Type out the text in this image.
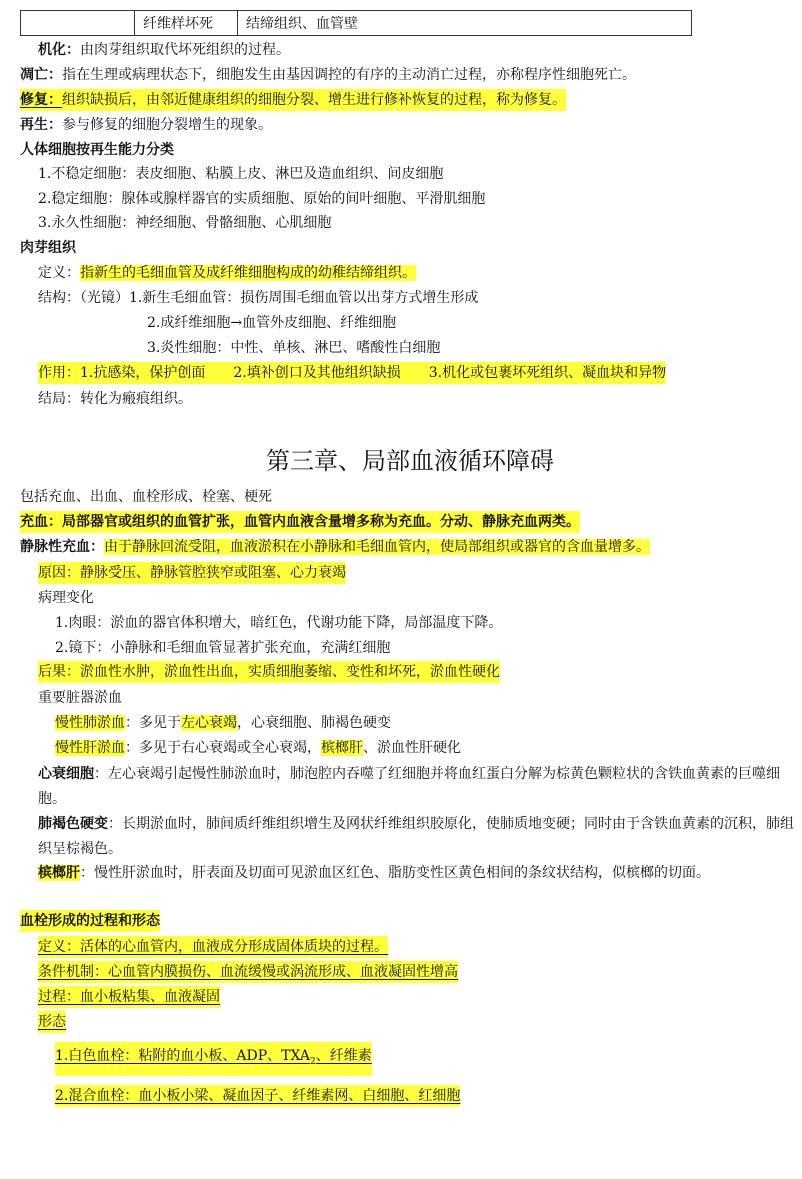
	纤维样坏死	结缔组织、血管壁
机化：由肉芽组织取代坏死组织的过程。
凋亡：指在生理或病理状态下，细胞发生由基因调控的有序的主动消亡过程，亦称程序性细胞死亡。
修复：组织缺损后，由邻近健康组织的细胞分裂、增生进行修补恢复的过程，称为修复。
再生：参与修复的细胞分裂增生的现象。
人体细胞按再生能力分类
1.不稳定细胞：表皮细胞、粘膜上皮、淋巴及造血组织、间皮细胞
2.稳定细胞：腺体或腺样器官的实质细胞、原始的间叶细胞、平滑肌细胞
3.永久性细胞：神经细胞、骨骼细胞、心肌细胞
肉芽组织
定义：指新生的毛细血管及成纤维细胞构成的幼稚结缔组织。
结构：（光镜）1.新生毛细血管：损伤周围毛细血管以出芽方式增生形成
2.成纤维细胞→血管外皮细胞、纤维细胞
3.炎性细胞：中性、单核、淋巴、嗜酸性白细胞
作用：1.抗感染，保护创面　　2.填补创口及其他组织缺损　　3.机化或包裹坏死组织、凝血块和异物
结局：转化为瘢痕组织。
第三章、局部血液循环障碍
包括充血、出血、血栓形成、栓塞、梗死
充血：局部器官或组织的血管扩张，血管内血液含量增多称为充血。分动、静脉充血两类。
静脉性充血：由于静脉回流受阻，血液淤积在小静脉和毛细血管内，使局部组织或器官的含血量增多。
原因：静脉受压、静脉管腔狭窄或阻塞、心力衰竭
病理变化
1.肉眼：淤血的器官体积增大，暗红色，代谢功能下降，局部温度下降。
2.镜下：小静脉和毛细血管显著扩张充血，充满红细胞
后果：淤血性水肿，淤血性出血，实质细胞萎缩、变性和坏死，淤血性硬化
重要脏器淤血
慢性肺淤血：多见于左心衰竭，心衰细胞、肺褐色硬变
慢性肝淤血：多见于右心衰竭或全心衰竭，槟榔肝、淤血性肝硬化
心衰细胞：左心衰竭引起慢性肺淤血时，肺泡腔内吞噬了红细胞并将血红蛋白分解为棕黄色颗粒状的含铁血黄素的巨噬细胞。
肺褐色硬变：长期淤血时，肺间质纤维组织增生及网状纤维组织胶原化，使肺质地变硬；同时由于含铁血黄素的沉积，肺组织呈棕褐色。
槟榔肝：慢性肝淤血时，肝表面及切面可见淤血区红色、脂肪变性区黄色相间的条纹状结构，似槟榔的切面。
血栓形成的过程和形态
定义：活体的心血管内，血液成分形成固体质块的过程。
条件机制：心血管内膜损伤、血流缓慢或涡流形成、血液凝固性增高
过程：血小板粘集、血液凝固
形态
1.白色血栓：粘附的血小板、ADP、$TXA_2$、纤维素
2.混合血栓：血小板小梁、凝血因子、纤维素网、白细胞、红细胞
